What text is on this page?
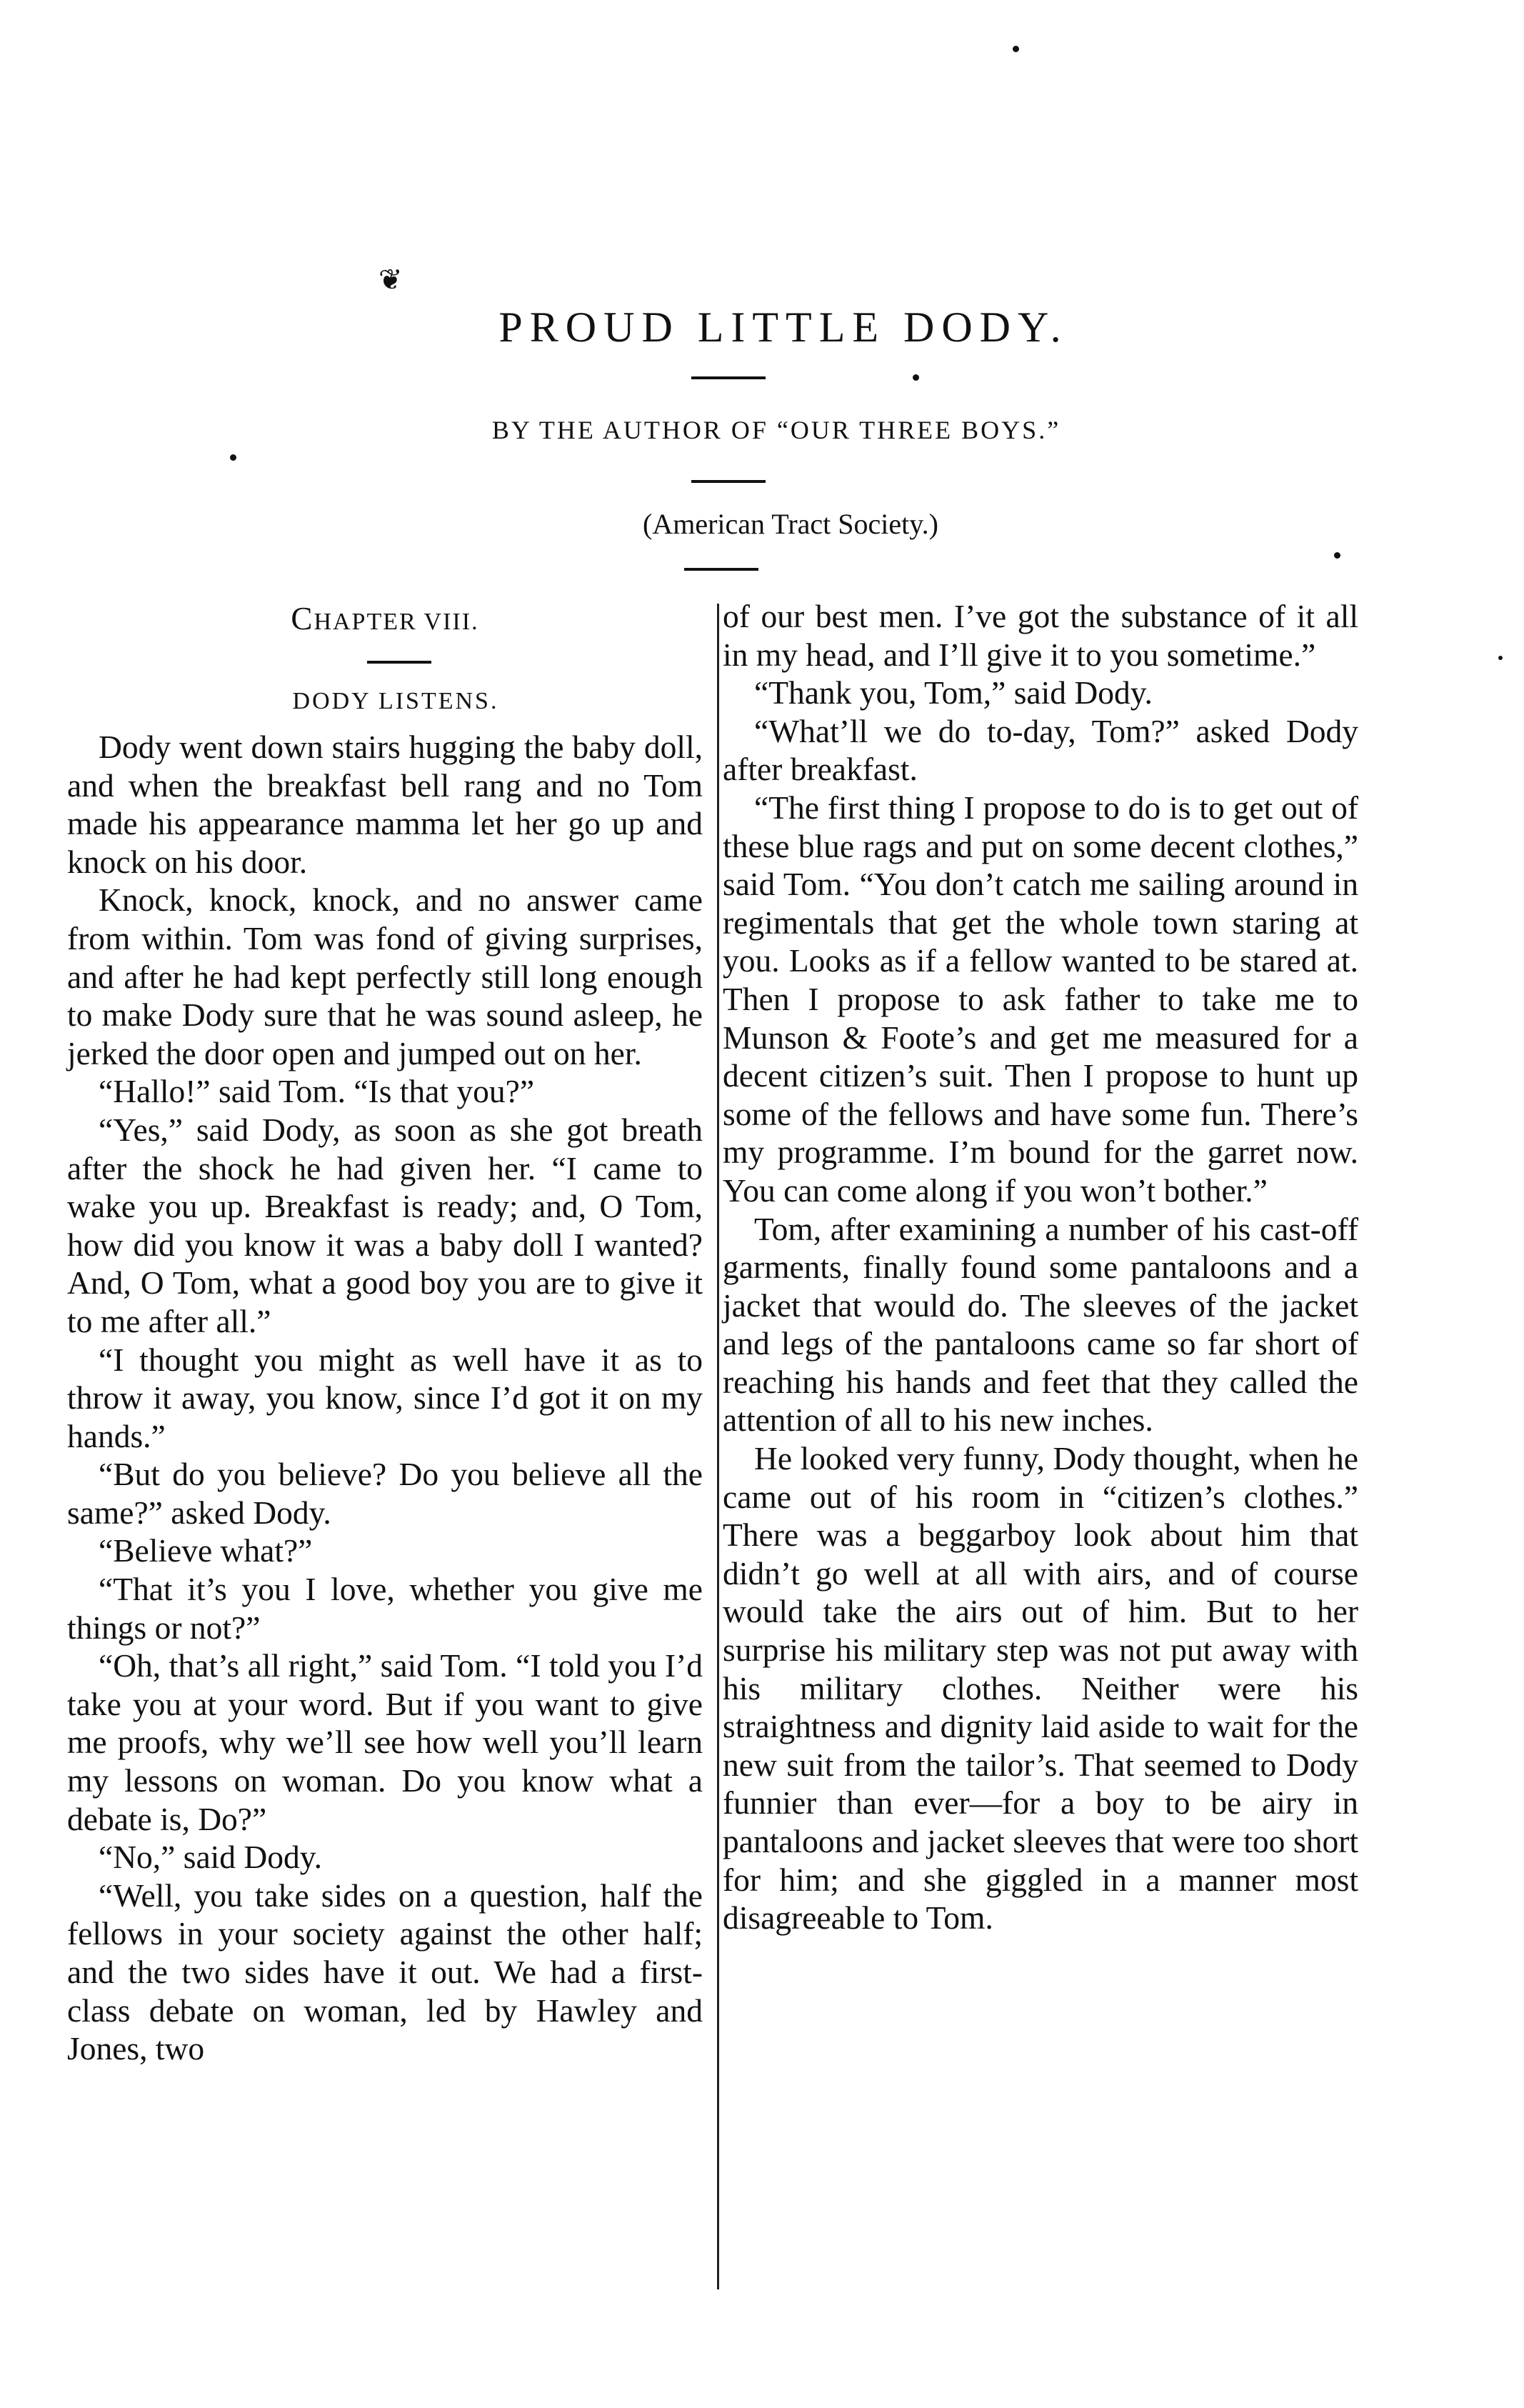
❦
PROUD LITTLE DODY.
BY THE AUTHOR OF “OUR THREE BOYS.”
(American Tract Society.)
CHAPTER VIII.
DODY LISTENS.

Dody went down stairs hugging the baby doll, and when the breakfast bell rang and no Tom made his appearance mamma let her go up and knock on his door.

Knock, knock, knock, and no answer came from within. Tom was fond of giving surprises, and after he had kept perfectly still long enough to make Dody sure that he was sound asleep, he jerked the door open and jumped out on her.

“Hallo!” said Tom. “Is that you?”

“Yes,” said Dody, as soon as she got breath after the shock he had given her. “I came to wake you up. Breakfast is ready; and, O Tom, how did you know it was a baby doll I wanted? And, O Tom, what a good boy you are to give it to me after all.”

“I thought you might as well have it as to throw it away, you know, since I’d got it on my hands.”

“But do you believe? Do you believe all the same?” asked Dody.

“Believe what?”

“That it’s you I love, whether you give me things or not?”

“Oh, that’s all right,” said Tom. “I told you I’d take you at your word. But if you want to give me proofs, why we’ll see how well you’ll learn my lessons on woman. Do you know what a debate is, Do?”

“No,” said Dody.

“Well, you take sides on a question, half the fellows in your society against the other half; and the two sides have it out. We had a first-class debate on woman, led by Hawley and Jones, two

of our best men. I’ve got the substance of it all in my head, and I’ll give it to you sometime.”

“Thank you, Tom,” said Dody.

“What’ll we do to-day, Tom?” asked Dody after breakfast.

“The first thing I propose to do is to get out of these blue rags and put on some decent clothes,” said Tom. “You don’t catch me sailing around in regimentals that get the whole town staring at you. Looks as if a fellow wanted to be stared at. Then I propose to ask father to take me to Munson & Foote’s and get me measured for a decent citizen’s suit. Then I propose to hunt up some of the fellows and have some fun. There’s my programme. I’m bound for the garret now. You can come along if you won’t bother.”

Tom, after examining a number of his cast-off garments, finally found some pantaloons and a jacket that would do. The sleeves of the jacket and legs of the pantaloons came so far short of reaching his hands and feet that they called the attention of all to his new inches.

He looked very funny, Dody thought, when he came out of his room in “citizen’s clothes.” There was a beggarboy look about him that didn’t go well at all with airs, and of course would take the airs out of him. But to her surprise his military step was not put away with his military clothes. Neither were his straightness and dignity laid aside to wait for the new suit from the tailor’s. That seemed to Dody funnier than ever—for a boy to be airy in pantaloons and jacket sleeves that were too short for him; and she giggled in a manner most disagreeable to Tom.
